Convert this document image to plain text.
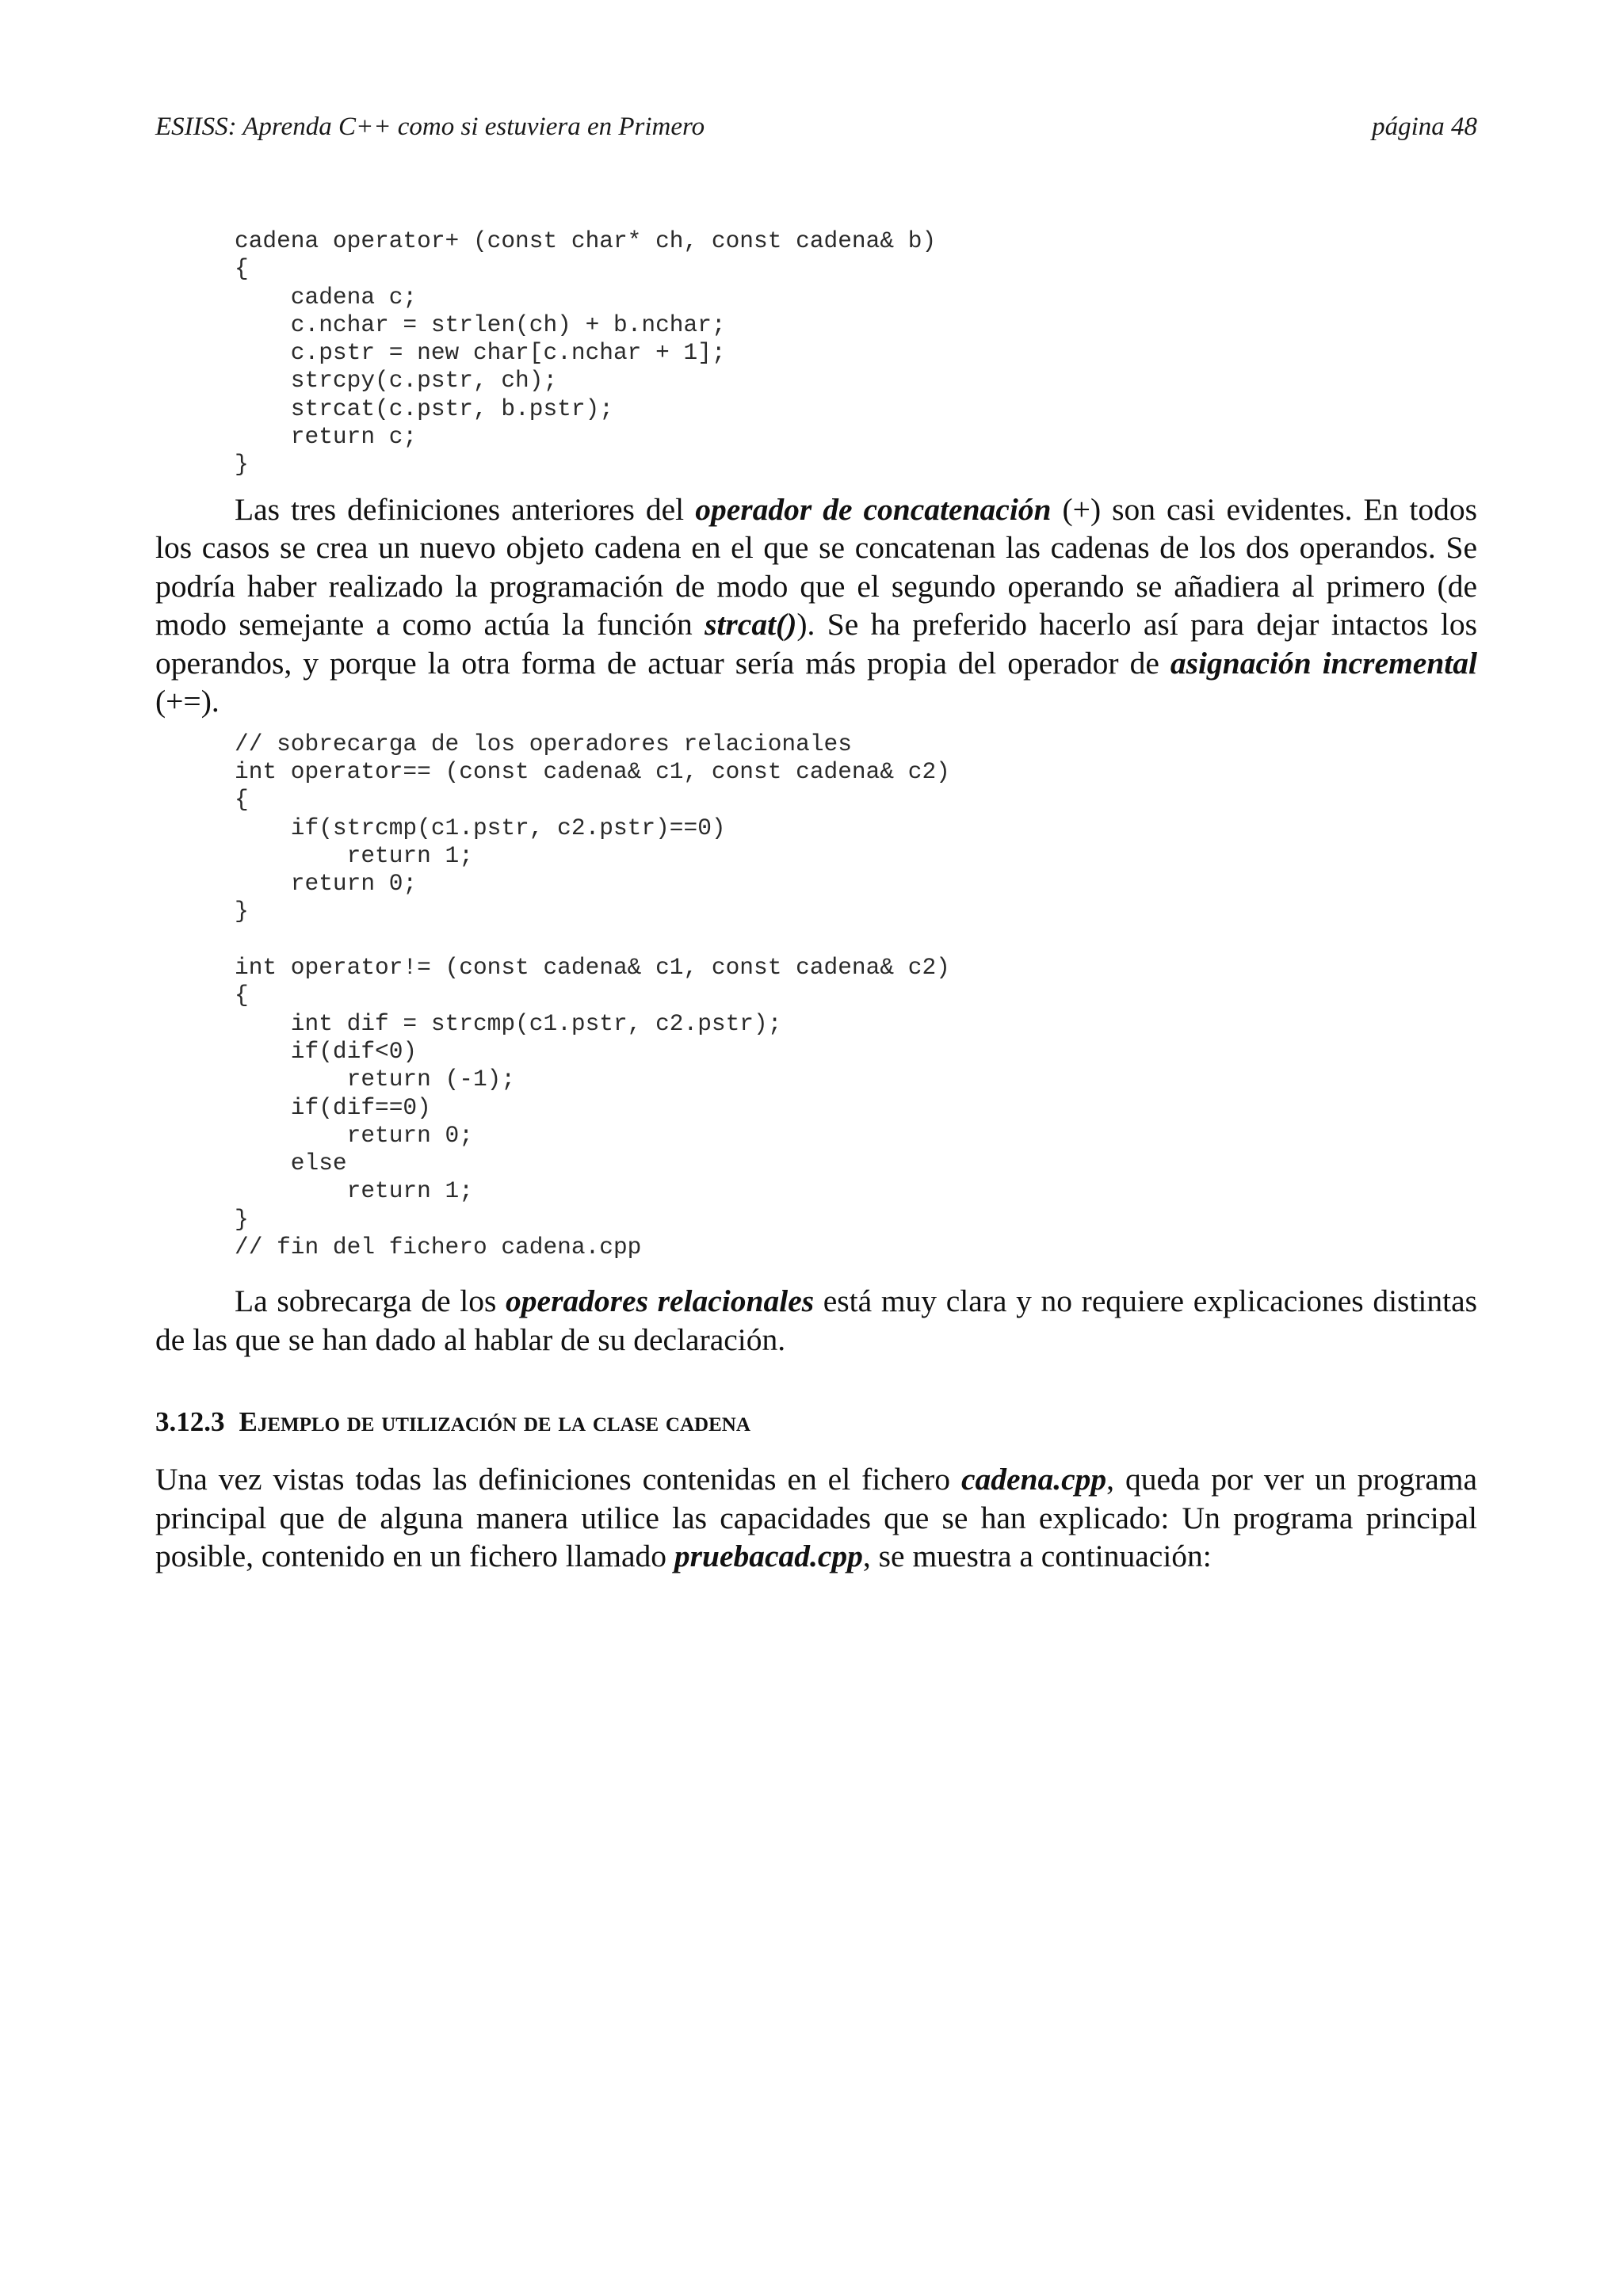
ESIISS: Aprenda C++ como si estuviera en Primero	página 48
cadena operator+ (const char* ch, const cadena& b)
{
cadena c;
c.nchar = strlen(ch) + b.nchar;
c.pstr = new char[c.nchar + 1];
strcpy(c.pstr, ch);
strcat(c.pstr, b.pstr);
return c;
}

Las tres definiciones anteriores del operador de concatenación (+) son casi evidentes. En todos los casos se crea un nuevo objeto cadena en el que se concatenan las cadenas de los dos operandos. Se podría haber realizado la programación de modo que el segundo operando se añadiera al primero (de modo semejante a como actúa la función strcat()). Se ha preferido hacerlo así para dejar intactos los operandos, y porque la otra forma de actuar sería más propia del operador de asignación incremental (+=).

// sobrecarga de los operadores relacionales
int operator== (const cadena& c1, const cadena& c2)
{
if(strcmp(c1.pstr, c2.pstr)==0)
return 1;
return 0;
}

int operator!= (const cadena& c1, const cadena& c2)
{
int dif = strcmp(c1.pstr, c2.pstr);
if(dif<0)
return (-1);
if(dif==0)
return 0;
else
return 1;
}
// fin del fichero cadena.cpp

La sobrecarga de los operadores relacionales está muy clara y no requiere explicaciones distintas de las que se han dado al hablar de su declaración.

3.12.3 Ejemplo de utilización de la clase cadena

Una vez vistas todas las definiciones contenidas en el fichero cadena.cpp, queda por ver un programa principal que de alguna manera utilice las capacidades que se han explicado: Un programa principal posible, contenido en un fichero llamado pruebacad.cpp, se muestra a continuación:
